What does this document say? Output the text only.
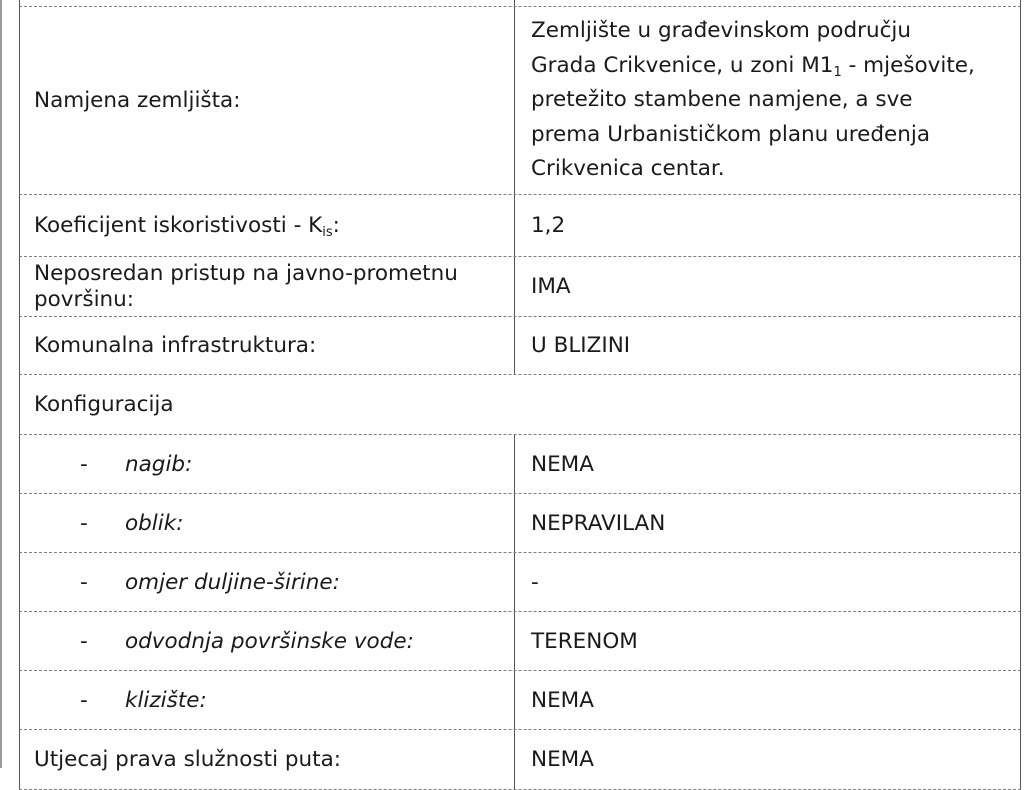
Namjena zemljišta:
Zemljište u građevinskom području
Grada Crikvenice, u zoni $M1_1$ - mješovite,
pretežito stambene namjene, a sve
prema Urbanističkom planu uređenja
Crikvenica centar.
Koeficijent iskoristivosti - $K_{is}$:	1,2
Neposredan pristup na javno-prometnu
površinu:	IMA
Komunalna infrastruktura:	U BLIZINI
Konfiguracija
- nagib:	NEMA
- oblik:	NEPRAVILAN
- omjer duljine-širine:	-
- odvodnja površinske vode:	TERENOM
- klizište:	NEMA
Utjecaj prava služnosti puta:	NEMA
